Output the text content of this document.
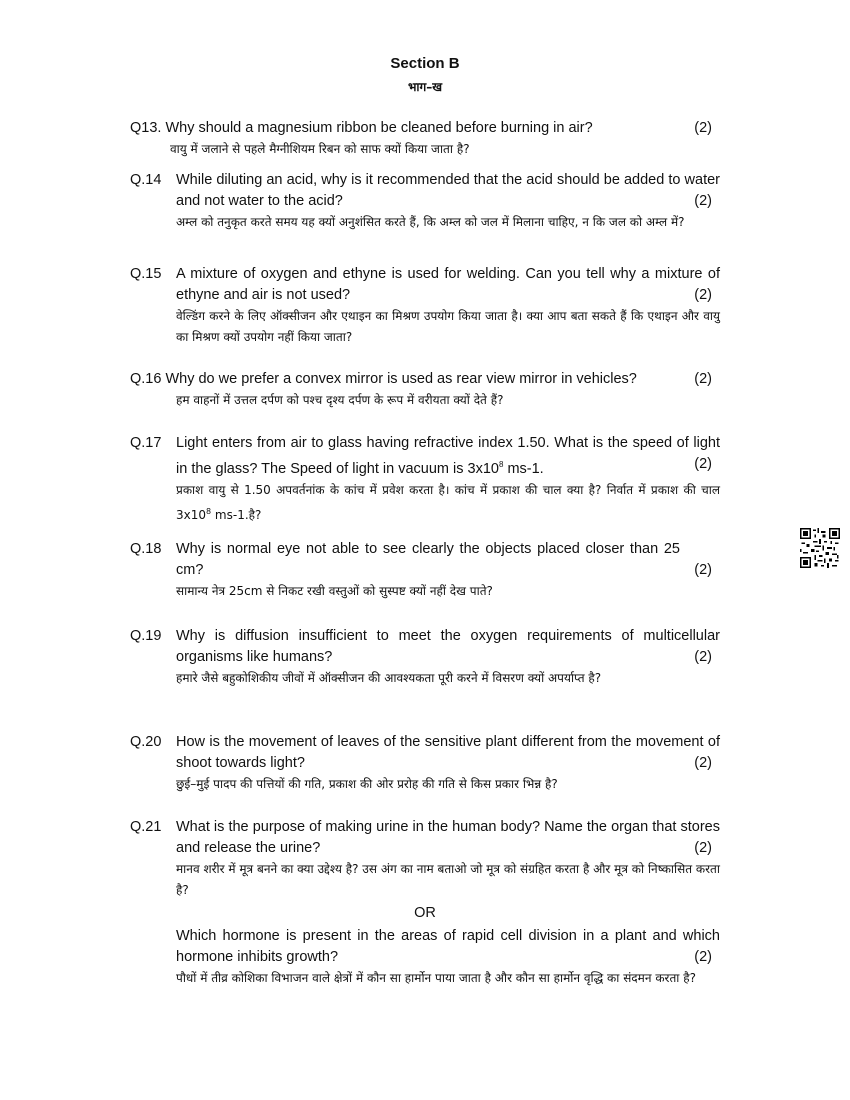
Section B
भाग–ख
Q13. Why should a magnesium ribbon be cleaned before burning in air?	(2)
वायु में जलाने से पहले मैग्नीशियम रिबन को साफ क्यों किया जाता है?
Q.14 While diluting an acid, why is it recommended that the acid should be added to water and not water to the acid?	(2)
अम्ल को तनुकृत करते समय यह क्यों अनुशंसित करते हैं, कि अम्ल को जल में मिलाना चाहिए, न कि जल को अम्ल में?
Q.15 A mixture of oxygen and ethyne is used for welding. Can you tell why a mixture of ethyne and air is not used?	(2)
वेल्डिंग करने के लिए ऑक्सीजन और एथाइन का मिश्रण उपयोग किया जाता है। क्या आप बता सकते हैं कि एथाइन और वायु का मिश्रण क्यों उपयोग नहीं किया जाता?
Q.16 Why do we prefer a convex mirror is used as rear view mirror in vehicles?	(2)
हम वाहनों में उत्तल दर्पण को पश्च दृश्य दर्पण के रूप में वरीयता क्यों देते हैं?
Q.17 Light enters from air to glass having refractive index 1.50. What is the speed of light in the glass? The Speed of light in vacuum is $3x10^8$ ms-1.	(2)
प्रकाश वायु से 1.50 अपवर्तनांक के कांच में प्रवेश करता है। कांच में प्रकाश की चाल क्या है? निर्वात में प्रकाश की चाल $3x10^8$ ms-1.है?
Q.18 Why is normal eye not able to see clearly the objects placed closer than 25 cm?	(2)
सामान्य नेत्र 25cm से निकट रखी वस्तुओं को सुस्पष्ट क्यों नहीं देख पाते?
Q.19 Why is diffusion insufficient to meet the oxygen requirements of multicellular organisms like humans?	(2)
हमारे जैसे बहुकोशिकीय जीवों में ऑक्सीजन की आवश्यकता पूरी करने में विसरण क्यों अपर्याप्त है?
Q.20 How is the movement of leaves of the sensitive plant different from the movement of shoot towards light?	(2)
छुई–मुई पादप की पत्तियों की गति, प्रकाश की ओर प्ररोह की गति से किस प्रकार भिन्न है?
Q.21 What is the purpose of making urine in the human body? Name the organ that stores and release the urine?	(2)
मानव शरीर में मूत्र बनने का क्या उद्देश्य है? उस अंग का नाम बताओ जो मूत्र को संग्रहित करता है और मूत्र को निष्कासित करता है?
OR
Which hormone is present in the areas of rapid cell division in a plant and which hormone inhibits growth?	(2)
पौधों में तीव्र कोशिका विभाजन वाले क्षेत्रों में कौन सा हार्मोन पाया जाता है और कौन सा हार्मोन वृद्धि का संदमन करता है?
